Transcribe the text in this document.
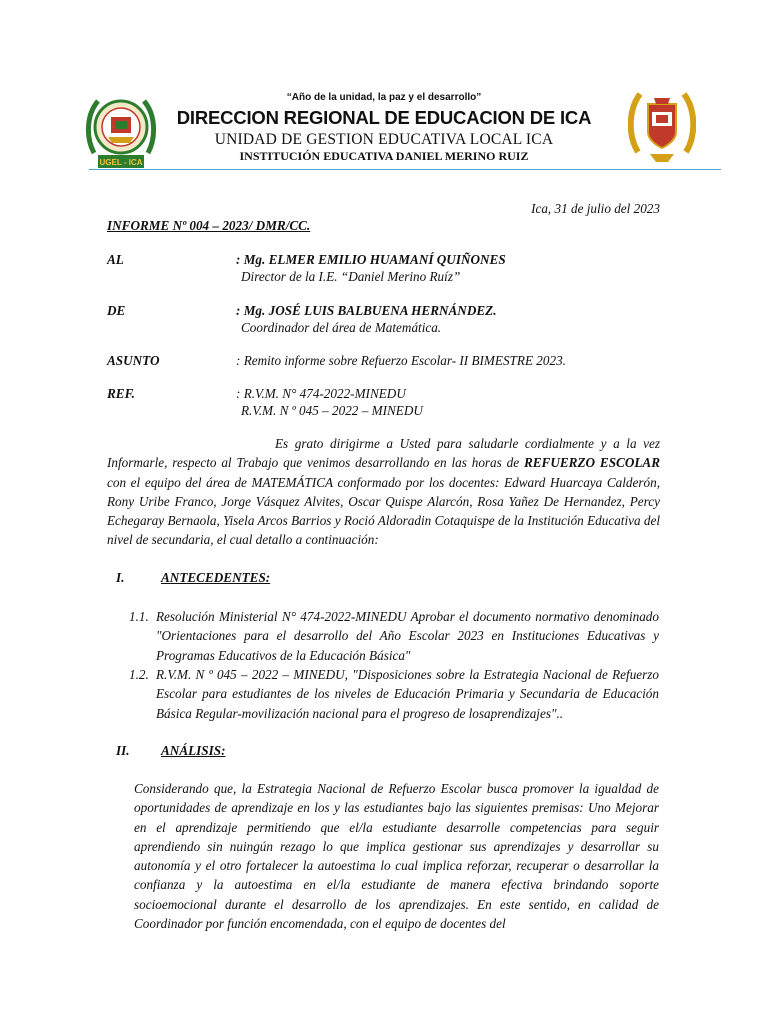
UGEL - ICA
“Año de la unidad, la paz y el desarrollo”
DIRECCION REGIONAL DE EDUCACION DE ICA
UNIDAD DE GESTION EDUCATIVA LOCAL ICA
INSTITUCIÓN EDUCATIVA DANIEL MERINO RUIZ
Ica, 31 de julio del 2023
INFORME Nº 004 – 2023/ DMR/CC.
AL	: Mg. ELMER EMILIO HUAMANÍ QUIÑONES
Director de la I.E. “Daniel Merino Ruíz”
DE	: Mg. JOSÉ LUIS BALBUENA HERNÁNDEZ.
Coordinador del área de Matemática.
ASUNTO	: Remito informe sobre Refuerzo Escolar- II BIMESTRE 2023.
REF.	: R.V.M. N° 474-2022-MINEDU
R.V.M. N º 045 – 2022 – MINEDU
Es grato dirigirme a Usted para saludarle cordialmente y a la vez Informarle, respecto al Trabajo que venimos desarrollando en las horas de REFUERZO ESCOLAR con el equipo del área de MATEMÁTICA conformado por los docentes: Edward Huarcaya Calderón, Rony Uribe Franco, Jorge Vásquez Alvites, Oscar Quispe Alarcón, Rosa Yañez De Hernandez, Percy Echegaray Bernaola, Yisela Arcos Barrios y Roció Aldoradin Cotaquispe de la Institución Educativa del nivel de secundaria, el cual detallo a continuación:
I.	ANTECEDENTES:
1.1. Resolución Ministerial N° 474-2022-MINEDU Aprobar el documento normativo denominado "Orientaciones para el desarrollo del Año Escolar 2023 en Instituciones Educativas y Programas Educativos de la Educación Básica"
1.2. R.V.M. N º 045 – 2022 – MINEDU, "Disposiciones sobre la Estrategia Nacional de Refuerzo Escolar para estudiantes de los niveles de Educación Primaria y Secundaria de Educación Básica Regular-movilización nacional para el progreso de losaprendizajes"..
II. ANÁLISIS:
Considerando que, la Estrategia Nacional de Refuerzo Escolar busca promover la igualdad de oportunidades de aprendizaje en los y las estudiantes bajo las siguientes premisas: Uno Mejorar en el aprendizaje permitiendo que el/la estudiante desarrolle competencias para seguir aprendiendo sin nuingún rezago lo que implica gestionar sus aprendizajes y desarrollar su autonomía y el otro fortalecer la autoestima lo cual implica reforzar, recuperar o desarrollar la confianza y la autoestima en el/la estudiante de manera efectiva brindando soporte socioemocional durante el desarrollo de los aprendizajes. En este sentido, en calidad de Coordinador por función encomendada, con el equipo de docentes del
